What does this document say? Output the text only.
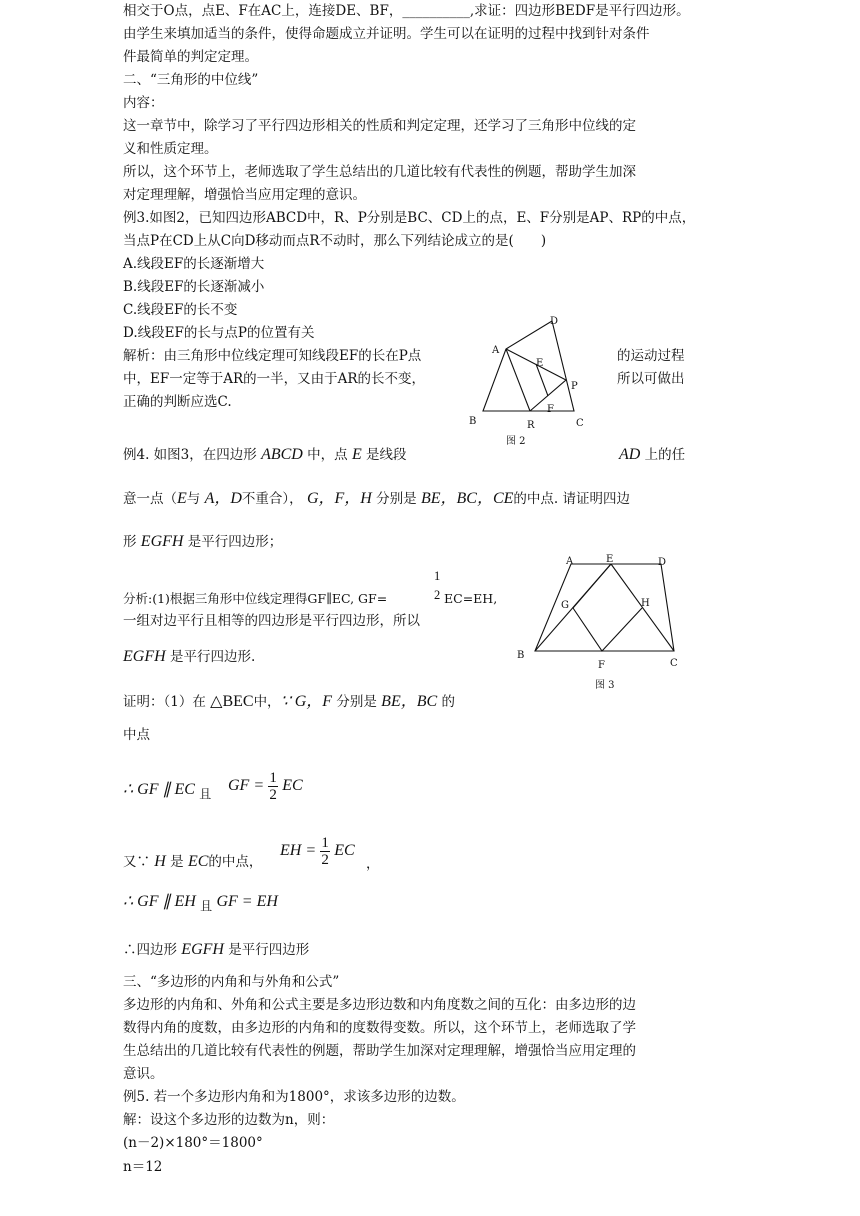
相交于O点，点E、F在AC上，连接DE、BF，__________,求证：四边形BEDF是平行四边形。
由学生来填加适当的条件，使得命题成立并证明。学生可以在证明的过程中找到针对条件
件最简单的判定定理。
二、“三角形的中位线”
内容：
这一章节中，除学习了平行四边形相关的性质和判定定理，还学习了三角形中位线的定
义和性质定理。
所以，这个环节上，老师选取了学生总结出的几道比较有代表性的例题，帮助学生加深
对定理理解，增强恰当应用定理的意识。
例3.如图2，已知四边形ABCD中，R、P分别是BC、CD上的点，E、F分别是AP、RP的中点，
当点P在CD上从C向D移动而点R不动时，那么下列结论成立的是(　　)
A.线段EF的长逐渐增大
B.线段EF的长逐渐减小
C.线段EF的长不变
D.线段EF的长与点P的位置有关
解析：由三角形中位线定理可知线段EF的长在P点	的运动过程
中，EF一定等于AR的一半，又由于AR的长不变，	所以可做出
正确的判断应选C.
A
B	C
D
E
F
P
R
图 2
例4. 如图3，在四边形 ABCD 中，点 E 是线段	AD 上的任
意一点（E与 A，D不重合）， G，F，H 分别是 BE，BC，CE的中点. 请证明四边
形 EGFH 是平行四边形；
分析:(1)根据三角形中位线定理得GF∥EC, GF=
1
2 EC=EH,
一组对边平行且相等的四边形是平行四边形，所以
EGFH 是平行四边形.
A	E	D
G	H
B
F	C
图 3
证明：（1）在 △BEC中，∵ G，F 分别是 BE，BC 的
中点
∴ GF ∥ EC 且 GF = $\frac{1}{2}$ EC
又∵ H 是 EC的中点，
EH = $\frac{1}{2}$ EC
，
∴ GF ∥ EH 且 GF = EH
∴四边形 EGFH 是平行四边形
三、“多边形的内角和与外角和公式”
多边形的内角和、外角和公式主要是多边形边数和内角度数之间的互化：由多边形的边
数得内角的度数，由多边形的内角和的度数得变数。所以，这个环节上，老师选取了学
生总结出的几道比较有代表性的例题，帮助学生加深对定理理解，增强恰当应用定理的
意识。
例5. 若一个多边形内角和为1800°，求该多边形的边数。
解：设这个多边形的边数为n，则：
(n－2)×180°＝1800°
n＝12
